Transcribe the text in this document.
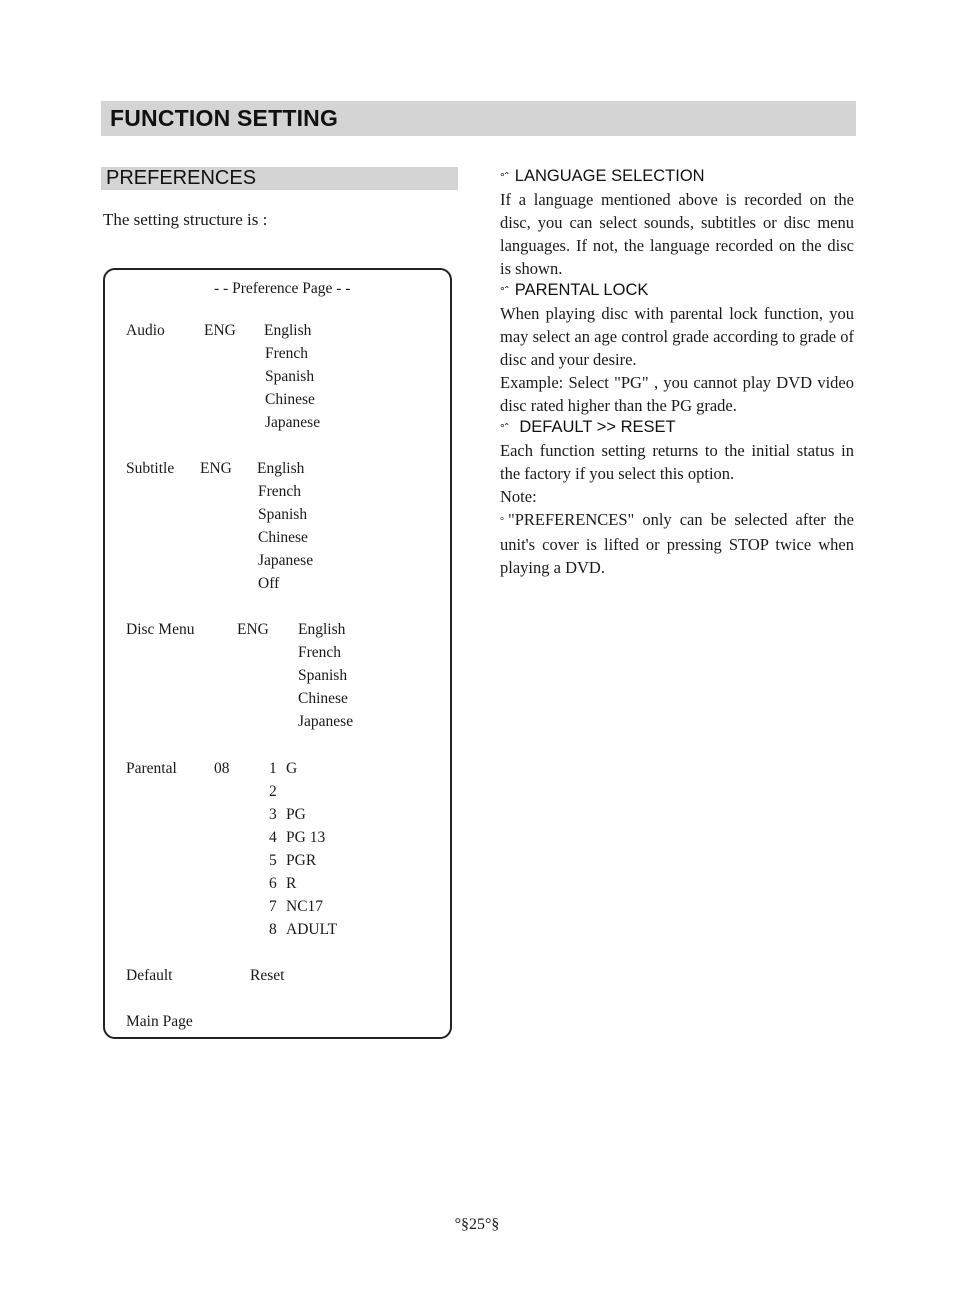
FUNCTION SETTING
PREFERENCES
The setting structure is :
- - Preference Page - -
Audio	ENG English
French
Spanish
Chinese
Japanese
Subtitle ENG English
French
Spanish
Chinese
Japanese
Off
Disc Menu	ENG English
French
Spanish
Chinese
Japanese
Parental 08	1 G
2
3 PG
4 PG 13
5 PGR
6 R
7 NC17
8 ADULT
Default	Reset
Main Page
°ˆ LANGUAGE SELECTION

If a language mentioned above is recorded on the disc, you can select sounds, subtitles or disc menu languages. If not, the language recorded on the disc is shown.

°ˆ PARENTAL LOCK

When playing disc with parental lock function, you may select an age control grade according to grade of disc and your desire.

Example: Select "PG" , you cannot play DVD video disc rated higher than the PG grade.

°ˆ DEFAULT >> RESET

Each function setting returns to the initial status in the factory if you select this option.

Note:

° "PREFERENCES" only can be selected after the unit's cover is lifted or pressing STOP twice when playing a DVD.

°§25°§
